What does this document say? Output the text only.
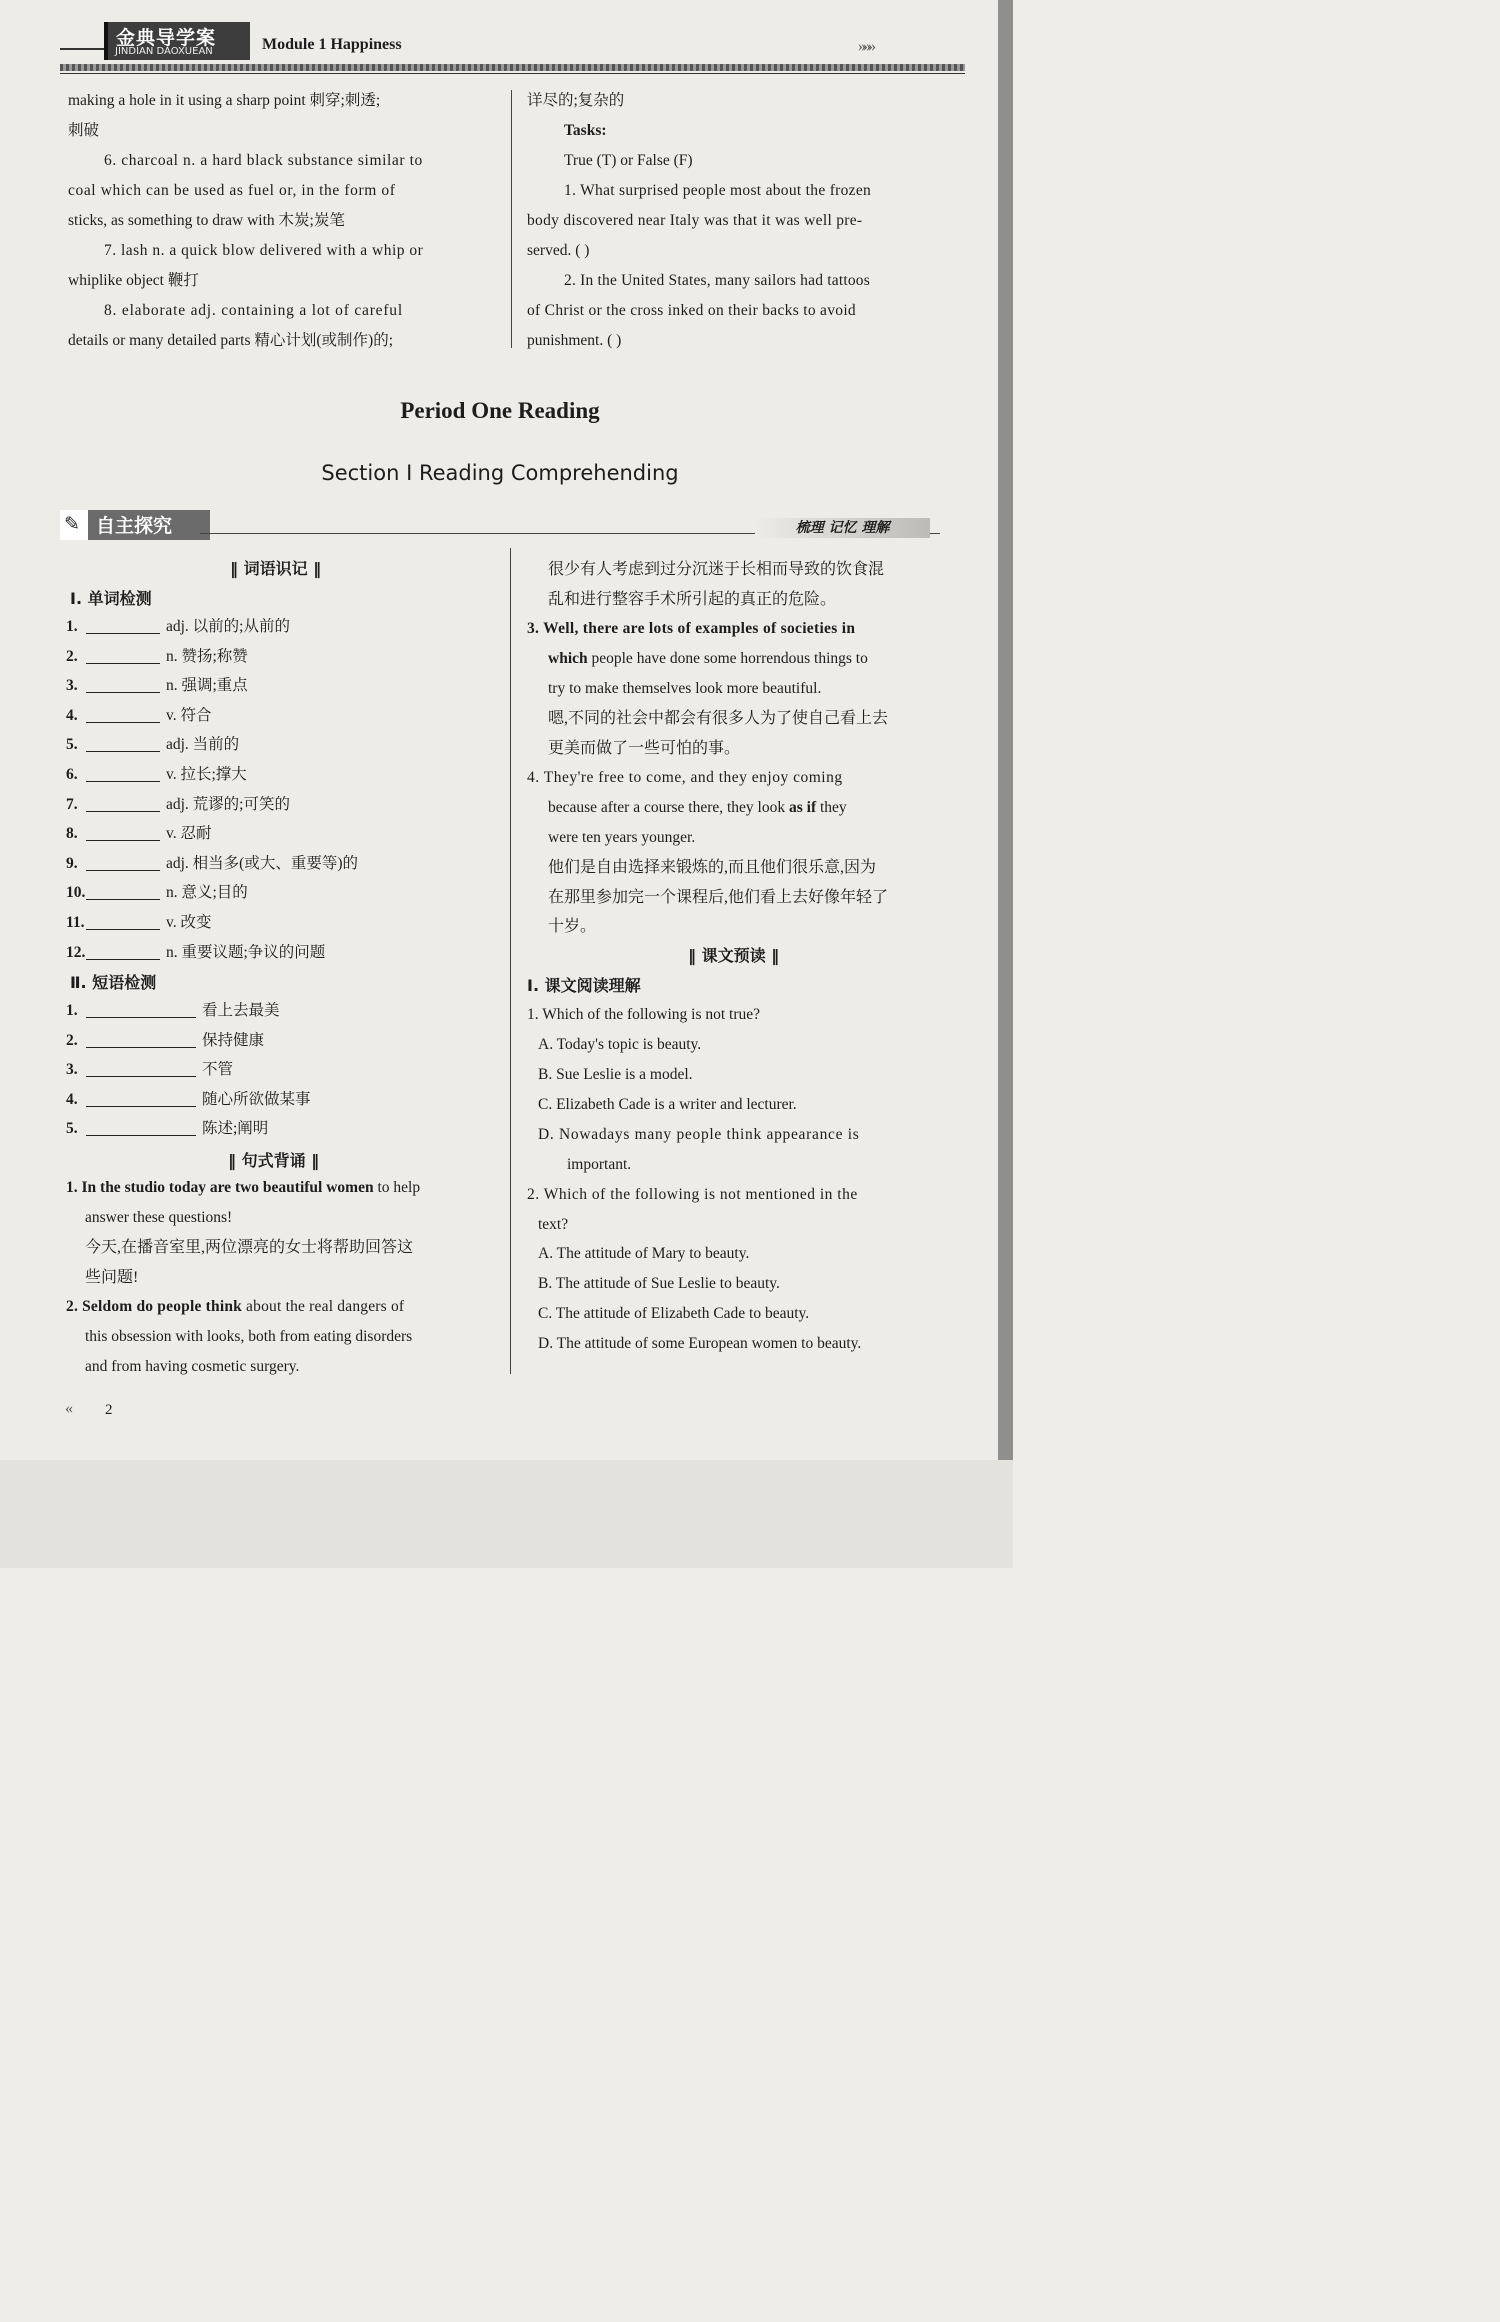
金典导学案
JINDIAN DAOXUEAN	Module 1 Happiness	»»»
making a hole in it using a sharp point 刺穿;刺透;
刺破
6. charcoal n. a hard black substance similar to
coal which can be used as fuel or, in the form of
sticks, as something to draw with 木炭;炭笔
7. lash n. a quick blow delivered with a whip or
whiplike object 鞭打
8. elaborate adj. containing a lot of careful
details or many detailed parts 精心计划(或制作)的;
详尽的;复杂的
Tasks:
True (T) or False (F)
1. What surprised people most about the frozen
body discovered near Italy was that it was well pre-
served. ( )
2. In the United States, many sailors had tattoos
of Christ or the cross inked on their backs to avoid
punishment. ( )
Period One Reading
Section Ⅰ Reading Comprehending
✎ 自主探究	梳理 记忆 理解
‖ 词语识记 ‖
Ⅰ. 单词检测
1.	adj. 以前的;从前的
2.	n. 赞扬;称赞
3.	n. 强调;重点
4.	v. 符合
5.	adj. 当前的
6.	v. 拉长;撑大
7.	adj. 荒谬的;可笑的
8.	v. 忍耐
9.	adj. 相当多(或大、重要等)的
10.	n. 意义;目的
11.	v. 改变
12.	n. 重要议题;争议的问题
Ⅱ. 短语检测
1.	看上去最美
2.	保持健康
3.	不管
4.	随心所欲做某事
5.	陈述;阐明
‖ 句式背诵 ‖
1. In the studio today are two beautiful women to help
answer these questions!
今天,在播音室里,两位漂亮的女士将帮助回答这
些问题!
2. Seldom do people think about the real dangers of
this obsession with looks, both from eating disorders
and from having cosmetic surgery.
很少有人考虑到过分沉迷于长相而导致的饮食混
乱和进行整容手术所引起的真正的危险。
3. Well, there are lots of examples of societies in
which people have done some horrendous things to
try to make themselves look more beautiful.
嗯,不同的社会中都会有很多人为了使自己看上去
更美而做了一些可怕的事。
4. They're free to come, and they enjoy coming
because after a course there, they look as if they
were ten years younger.
他们是自由选择来锻炼的,而且他们很乐意,因为
在那里参加完一个课程后,他们看上去好像年轻了
十岁。
‖ 课文预读 ‖
Ⅰ. 课文阅读理解
1. Which of the following is not true?
A. Today's topic is beauty.
B. Sue Leslie is a model.
C. Elizabeth Cade is a writer and lecturer.
D. Nowadays many people think appearance is
important.
2. Which of the following is not mentioned in the
text?
A. The attitude of Mary to beauty.
B. The attitude of Sue Leslie to beauty.
C. The attitude of Elizabeth Cade to beauty.
D. The attitude of some European women to beauty.
« 2
